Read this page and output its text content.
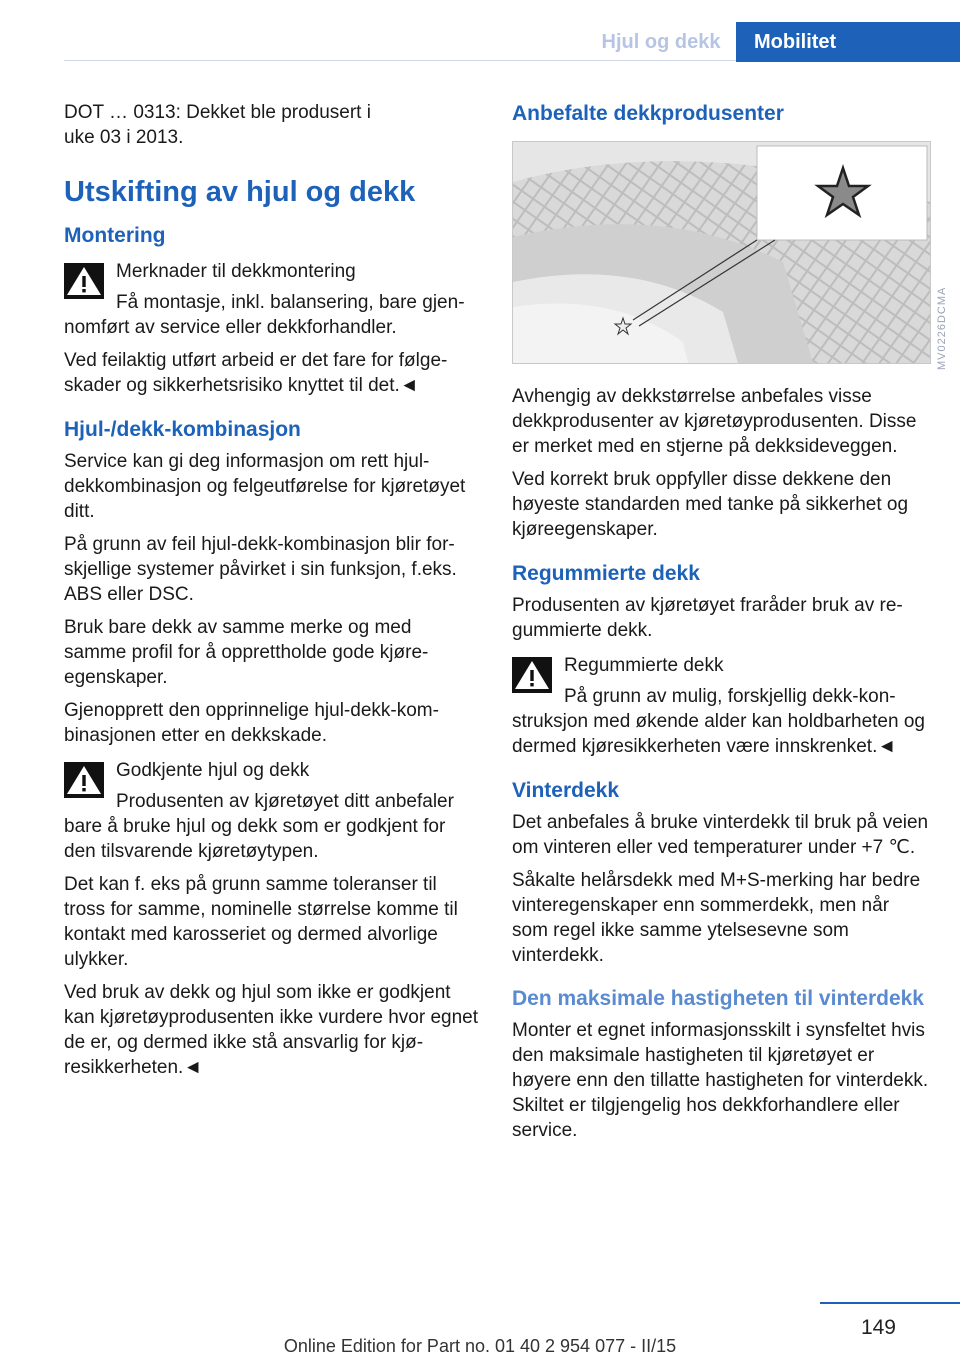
Hjul og dekk	Mobilitet

DOT … 0313: Dekket ble produsert i uke 03 i 2013.

Utskifting av hjul og dekk
Montering

Merknader til dekkmontering

Få montasje, inkl. balansering, bare gjennomført av service eller dekkforhandler.

Ved feilaktig utført arbeid er det fare for følgeskader og sikkerhetsrisiko knyttet til det.◄

Hjul-/dekk-kombinasjon

Service kan gi deg informasjon om rett hjul-dekkombinasjon og felgeutførelse for kjøretøyet ditt.

På grunn av feil hjul-dekk-kombinasjon blir forskjellige systemer påvirket i sin funksjon, f.eks. ABS eller DSC.

Bruk bare dekk av samme merke og med samme profil for å opprettholde gode kjøreegenskaper.

Gjenopprett den opprinnelige hjul-dekk-kombinasjonen etter en dekkskade.

Godkjente hjul og dekk

Produsenten av kjøretøyet ditt anbefaler bare å bruke hjul og dekk som er godkjent for den tilsvarende kjøretøytypen.

Det kan f. eks på grunn samme toleranser til tross for samme, nominelle størrelse komme til kontakt med karosseriet og dermed alvorlige ulykker.

Ved bruk av dekk og hjul som ikke er godkjent kan kjøretøyprodusenten ikke vurdere hvor egnet de er, og dermed ikke stå ansvarlig for kjøresikkerheten.◄

Anbefalte dekkprodusenter

Avhengig av dekkstørrelse anbefales visse dekkprodusenter av kjøretøyprodusenten. Disse er merket med en stjerne på dekksideveggen.

Ved korrekt bruk oppfyller disse dekkene den høyeste standarden med tanke på sikkerhet og kjøreegenskaper.

Regummierte dekk

Produsenten av kjøretøyet fraråder bruk av regummierte dekk.

Regummierte dekk

På grunn av mulig, forskjellig dekk-konstruksjon med økende alder kan holdbarheten og dermed kjøresikkerheten være innskrenket.◄

Vinterdekk

Det anbefales å bruke vinterdekk til bruk på veien om vinteren eller ved temperaturer under +7 ℃.

Såkalte helårsdekk med M+S-merking har bedre vinteregenskaper enn sommerdekk, men når som regel ikke samme ytelsesevne som vinterdekk.

Den maksimale hastigheten til vinterdekk

Monter et egnet informasjonsskilt i synsfeltet hvis den maksimale hastigheten til kjøretøyet er høyere enn den tillatte hastigheten for vinterdekk. Skiltet er tilgjengelig hos dekkforhandlere eller service.

MV0226DCMA
149
Online Edition for Part no. 01 40 2 954 077 - II/15
